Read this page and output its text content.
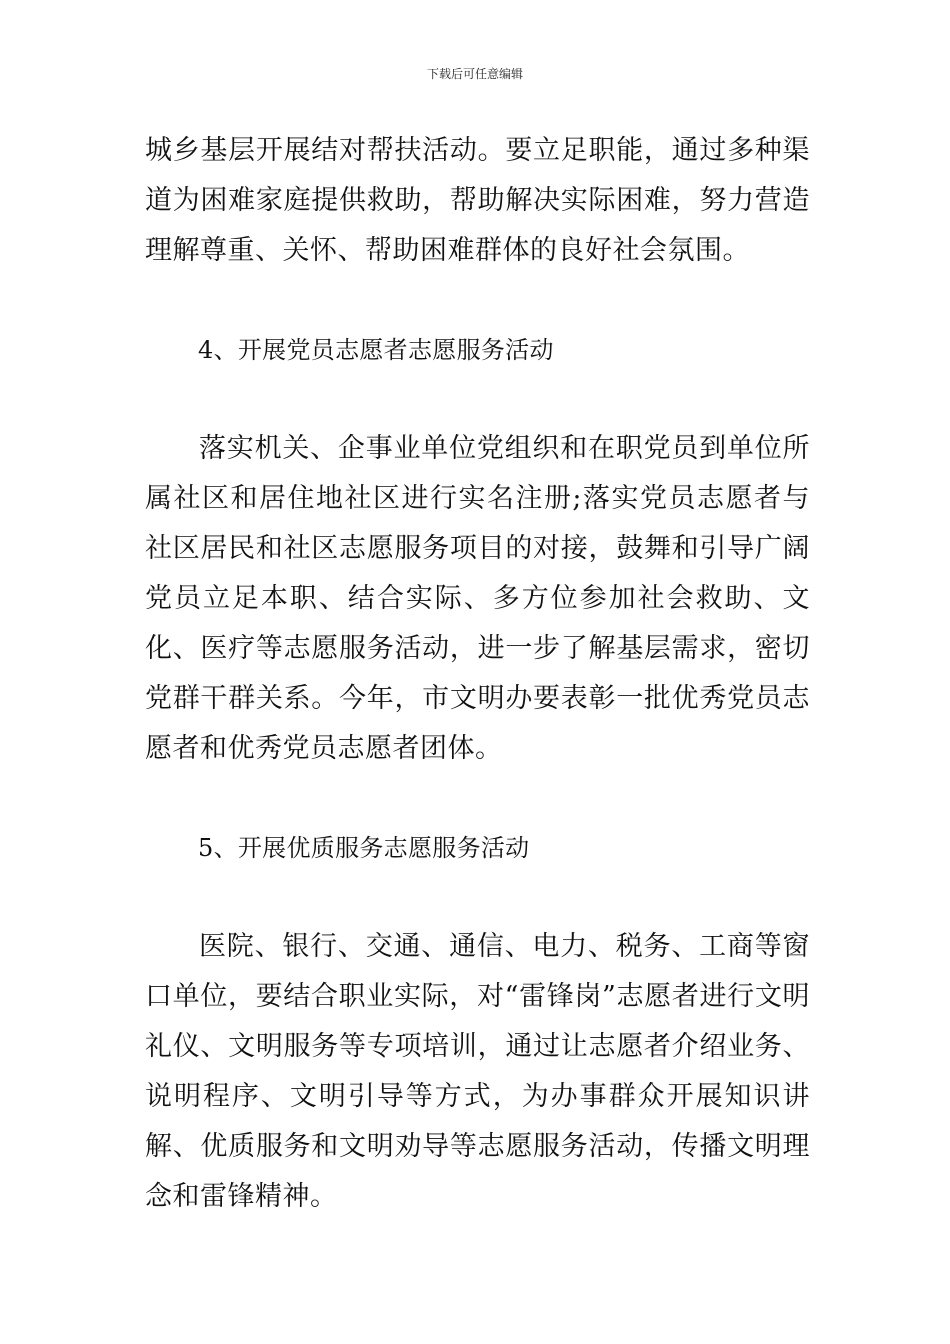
下载后可任意编辑

城乡基层开展结对帮扶活动。要立足职能，通过多种渠道为困难家庭提供救助，帮助解决实际困难，努力营造理解尊重、关怀、帮助困难群体的良好社会氛围。

4、开展党员志愿者志愿服务活动

落实机关、企事业单位党组织和在职党员到单位所属社区和居住地社区进行实名注册;落实党员志愿者与社区居民和社区志愿服务项目的对接，鼓舞和引导广阔党员立足本职、结合实际、多方位参加社会救助、文化、医疗等志愿服务活动，进一步了解基层需求，密切党群干群关系。今年，市文明办要表彰一批优秀党员志愿者和优秀党员志愿者团体。

5、开展优质服务志愿服务活动

医院、银行、交通、通信、电力、税务、工商等窗口单位，要结合职业实际，对“雷锋岗”志愿者进行文明礼仪、文明服务等专项培训，通过让志愿者介绍业务、说明程序、文明引导等方式，为办事群众开展知识讲解、优质服务和文明劝导等志愿服务活动，传播文明理念和雷锋精神。
